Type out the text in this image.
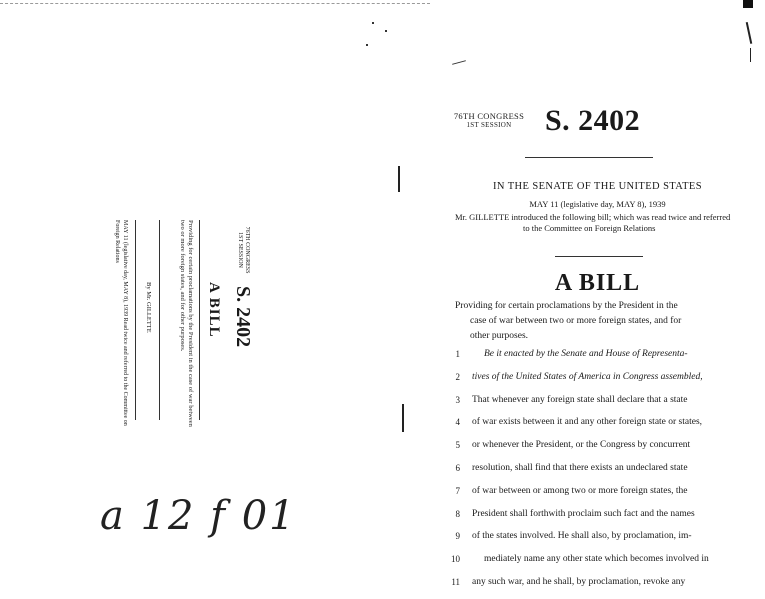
76TH CONGRESS
1ST SESSION	S. 2402
IN THE SENATE OF THE UNITED STATES
MAY 11 (legislative day, MAY 8), 1939
Mr. GILLETTE introduced the following bill; which was read twice and referred
to the Committee on Foreign Relations
A BILL
Providing for certain proclamations by the President in the
case of war between two or more foreign states, and for
other purposes.
1	Be it enacted by the Senate and House of Representa-
2 tives of the United States of America in Congress assembled,
3 That whenever any foreign state shall declare that a state
4 of war exists between it and any other foreign state or states,
5 or whenever the President, or the Congress by concurrent
6 resolution, shall find that there exists an undeclared state
7 of war between or among two or more foreign states, the
8 President shall forthwith proclaim such fact and the names
9 of the states involved. He shall also, by proclamation, im-
10	mediately name any other state which becomes involved in
11 any such war, and he shall, by proclamation, revoke any
76TH CONGRESS
1ST SESSION
S. 2402
A BILL
Providing for certain proclamations by the President in the case of war between two or more foreign states, and for other purposes.
By Mr. GILLETTE
MAY 11 (legislative day, MAY 8), 1939 Read twice and referred to the Committee on Foreign Relations
a 12 f 01
